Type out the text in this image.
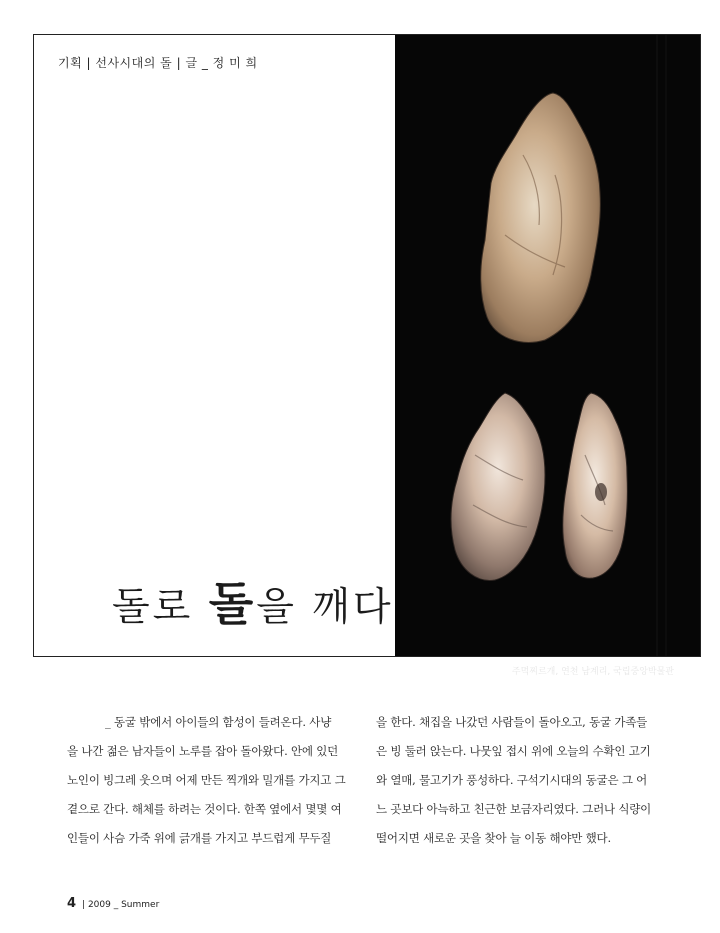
기획 | 선사시대의 돌 | 글 _ 정 미 희
주먹찌르개, 연천 남계리, 국립중앙박물관
돌로 돌을 깨다

_ 동굴 밖에서 아이들의 함성이 들려온다. 사냥

을 나간 젊은 남자들이 노루를 잡아 돌아왔다. 안에 있던

노인이 빙그레 웃으며 어제 만든 찍개와 밀개를 가지고 그

곁으로 간다. 해체를 하려는 것이다. 한쪽 옆에서 몇몇 여

인들이 사슴 가죽 위에 긁개를 가지고 부드럽게 무두질

을 한다. 채집을 나갔던 사람들이 돌아오고, 동굴 가족들

은 빙 둘러 앉는다. 나뭇잎 접시 위에 오늘의 수확인 고기

와 열매, 물고기가 풍성하다. 구석기시대의 동굴은 그 어

느 곳보다 아늑하고 친근한 보금자리였다. 그러나 식량이

떨어지면 새로운 곳을 찾아 늘 이동 해야만 했다.

4 | 2009 _ Summer
